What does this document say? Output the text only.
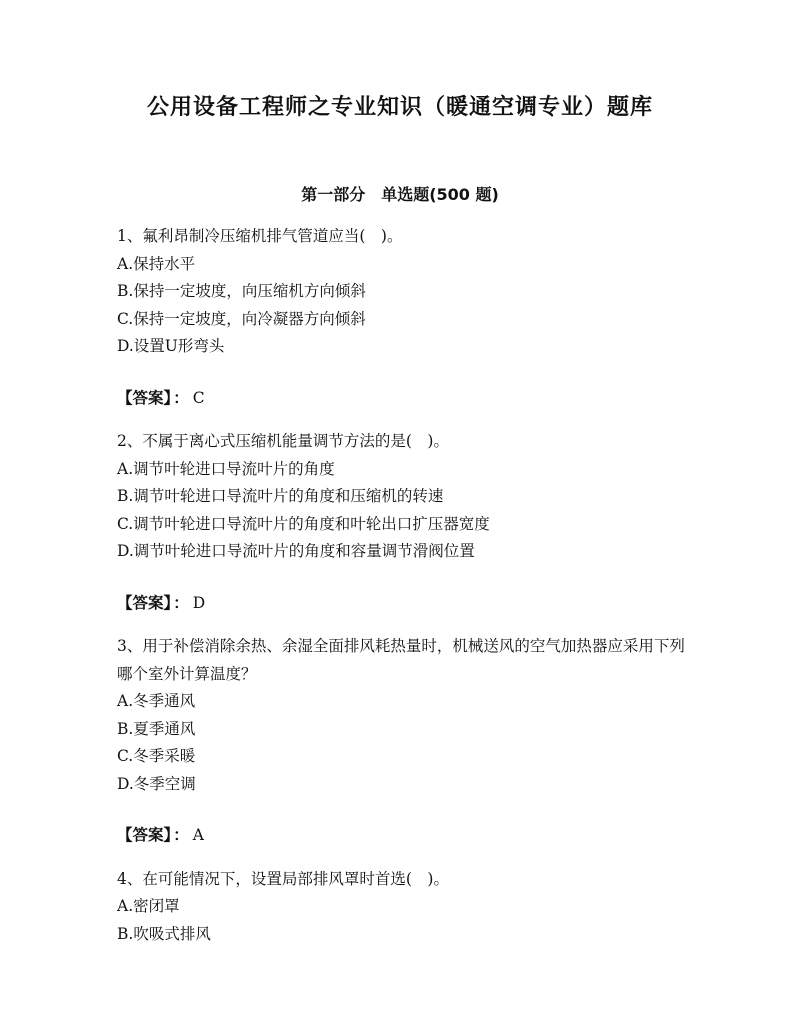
公用设备工程师之专业知识（暖通空调专业）题库
第一部分　单选题(500 题)
1、氟利昂制冷压缩机排气管道应当(　)。
A.保持水平
B.保持一定坡度，向压缩机方向倾斜
C.保持一定坡度，向冷凝器方向倾斜
D.设置U形弯头
【答案】 ： C
2、不属于离心式压缩机能量调节方法的是(　)。
A.调节叶轮进口导流叶片的角度
B.调节叶轮进口导流叶片的角度和压缩机的转速
C.调节叶轮进口导流叶片的角度和叶轮出口扩压器宽度
D.调节叶轮进口导流叶片的角度和容量调节滑阀位置
【答案】 ： D
3、用于补偿消除余热、余湿全面排风耗热量时，机械送风的空气加热器应采用下列哪个室外计算温度？
A.冬季通风
B.夏季通风
C.冬季采暖
D.冬季空调
【答案】 ： A
4、在可能情况下，设置局部排风罩时首选(　)。
A.密闭罩
B.吹吸式排风
